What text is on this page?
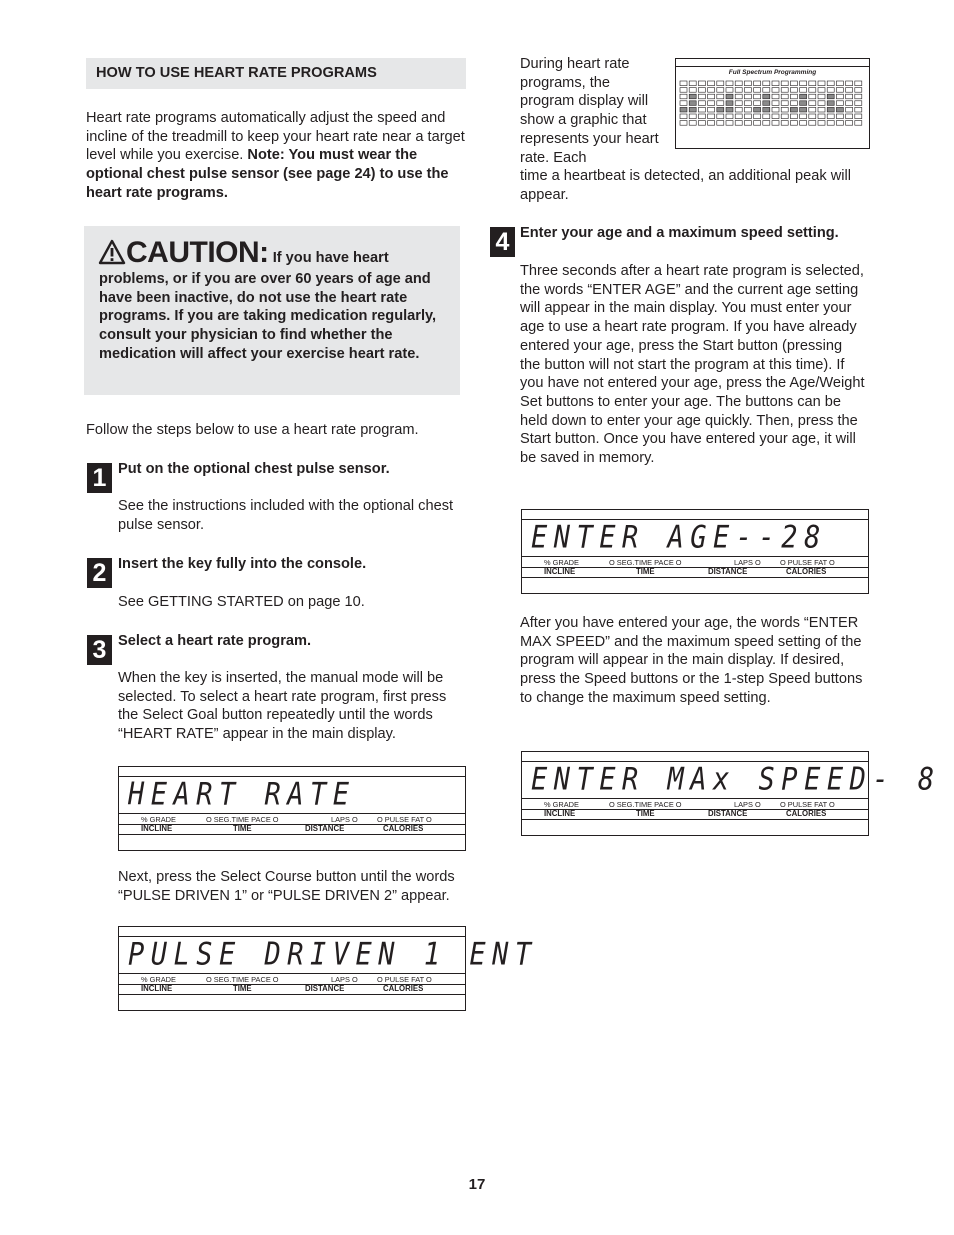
HOW TO USE HEART RATE PROGRAMS

Heart rate programs automatically adjust the speed and incline of the treadmill to keep your heart rate near a target level while you exercise. Note: You must wear the optional chest pulse sensor (see page 24) to use the heart rate programs.

CAUTION: If you have heart problems, or if you are over 60 years of age and have been inactive, do not use the heart rate programs. If you are taking medication regularly, consult your physician to find whether the medication will affect your exercise heart rate.

Follow the steps below to use a heart rate program.

1 Put on the optional chest pulse sensor.

See the instructions included with the optional chest pulse sensor.

2 Insert the key fully into the console.

See GETTING STARTED on page 10.

3 Select a heart rate program.

When the key is inserted, the manual mode will be selected. To select a heart rate program, first press the Select Goal button repeatedly until the words “HEART RATE” appear in the main display.

HEART RATE
% GRADE	O SEG.TIME PACE O	LAPS O	O PULSE FAT O
INCLINE	TIME	DISTANCE	CALORIES

Next, press the Select Course button until the words “PULSE DRIVEN 1” or “PULSE DRIVEN 2” appear.

PULSE DRIVEN 1 ENT
% GRADE	O SEG.TIME PACE O	LAPS O	O PULSE FAT O
INCLINE	TIME	DISTANCE	CALORIES

During heart rate programs, the program display will show a graphic that represents your heart rate. Each

time a heartbeat is detected, an additional peak will appear.

Full Spectrum Programming
4 Enter your age and a maximum speed setting.

Three seconds after a heart rate program is selected, the words “ENTER AGE” and the current age setting will appear in the main display. You must enter your age to use a heart rate program. If you have already entered your age, press the Start button (pressing the button will not start the program at this time). If you have not entered your age, press the Age/Weight Set buttons to enter your age. The buttons can be held down to enter your age quickly. Then, press the Start button. Once you have entered your age, it will be saved in memory.

ENTER AGE--28
% GRADE	O SEG.TIME PACE O	LAPS O	O PULSE FAT O
INCLINE	TIME	DISTANCE	CALORIES

After you have entered your age, the words “ENTER MAX SPEED” and the maximum speed setting of the program will appear in the main display. If desired, press the Speed buttons or the 1-step Speed buttons to change the maximum speed setting.

ENTER MAx SPEED- 8
% GRADE	O SEG.TIME PACE O	LAPS O	O PULSE FAT O
INCLINE	TIME	DISTANCE	CALORIES
17
